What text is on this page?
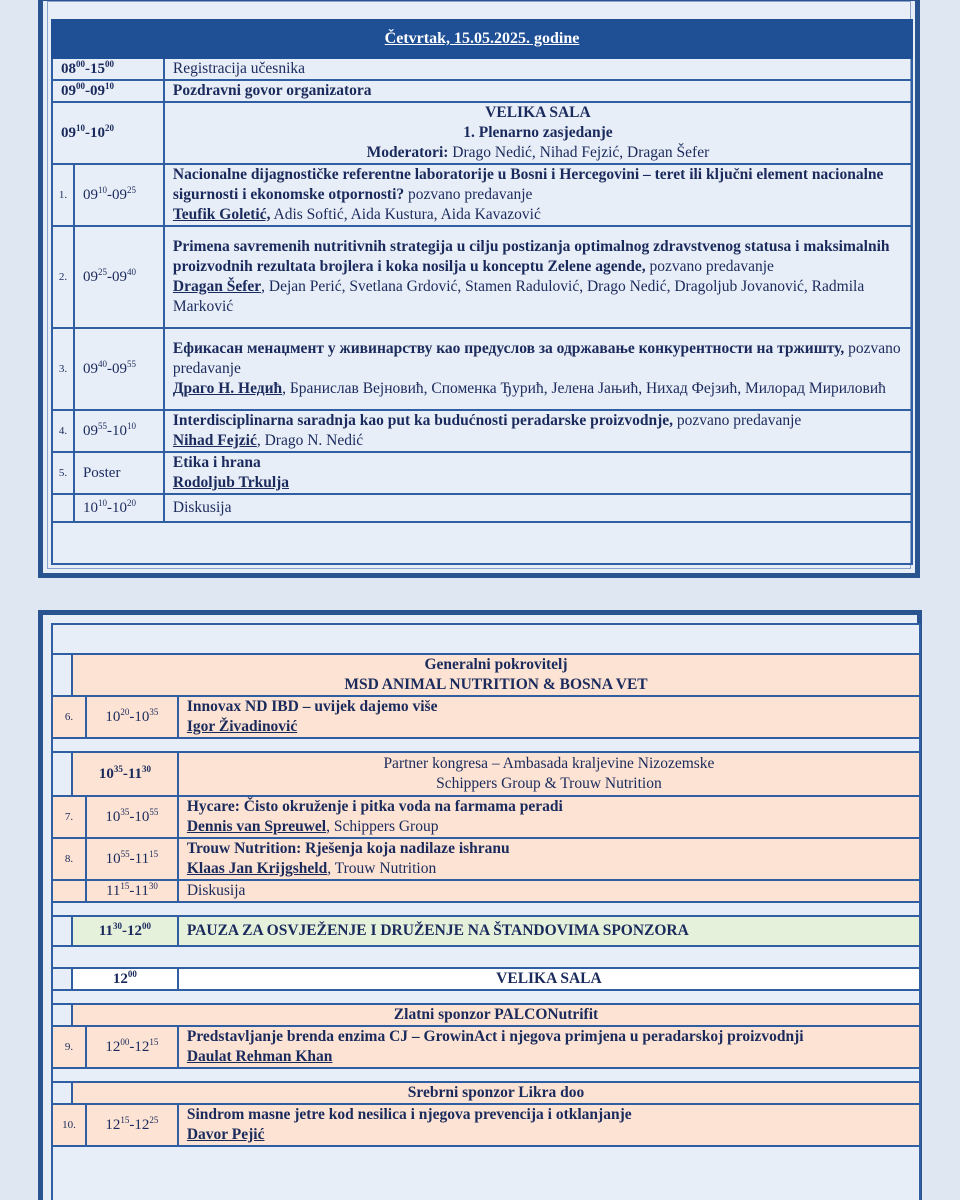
Četvrtak, 15.05.2025. godine		
$08^{00}-15^{00}$		Registracija učesnika
$09^{00}-09^{10}$		Pozdravni govor organizatora
$09^{10}-10^{20}$		VELIKA SALA
1. Plenarno zasjedanje
Moderatori: Drago Nedić, Nihad Fejzić, Dragan Šefer

1.	$09^{10}-09^{25}$	Nacionalne dijagnostičke referentne laboratorije u Bosni i Hercegovini – teret ili ključni element nacionalne sigurnosti i ekonomske otpornosti? pozvano predavanje
Teufik Goletić, Adis Softić, Aida Kustura, Aida Kavazović
2.	$09^{25}-09^{40}$	Primena savremenih nutritivnih strategija u cilju postizanja optimalnog zdravstvenog statusa i maksimalnih proizvodnih rezultata brojlera i koka nosilja u konceptu Zelene agende, pozvano predavanje
Dragan Šefer, Dejan Perić, Svetlana Grdović, Stamen Radulović, Drago Nedić, Dragoljub Jovanović, Radmila Marković
3.	$09^{40}-09^{55}$	Ефикасан менаџмент у живинарству као предуслов за одржавање конкурентности на тржишту, pozvano predavanje
Драго Н. Недић, Бранислав Вејновић, Споменка Ђурић, Јелена Јањић, Нихад Фејзић, Милорад Мириловић
4.	$09^{55}-10^{10}$	Interdisciplinarna saradnja kao put ka budućnosti peradarske proizvodnje, pozvano predavanje
Nihad Fejzić, Drago N. Nedić
5.	Poster	Etika i hrana
Rodoljub Trkulja
	$10^{10}-10^{20}$	Diskusija

	Generalni pokrovitelj
MSD ANIMAL NUTRITION & BOSNA VET		

6.		$10^{20}-10^{35}$	Innovax ND IBD – uvijek dajemo više
Igor Živadinović

	$10^{35}-11^{30}$		Partner kongresa – Ambasada kraljevine Nizozemske
Schippers Group & Trouw Nutrition

7.		$10^{35}-10^{55}$	Hycare: Čisto okruženje i pitka voda na farmama peradi
Dennis van Spreuwel, Schippers Group
8.		$10^{55}-11^{15}$	Trouw Nutrition: Rješenja koja nadilaze ishranu
Klaas Jan Krijgsheld, Trouw Nutrition
		$11^{15}-11^{30}$	Diskusija

	$11^{30}-12^{00}$		PAUZA ZA OSVJEŽENJE I DRUŽENJE NA ŠTANDOVIMA SPONZORA

	$12^{00}$		VELIKA SALA

	Zlatni sponzor PALCONutrifit		
9.		$12^{00}-12^{15}$	Predstavljanje brenda enzima CJ – GrowinAct i njegova primjena u peradarskoj proizvodnji
Daulat Rehman Khan

	Srebrni sponzor Likra doo		
10.		$12^{15}-12^{25}$	Sindrom masne jetre kod nesilica i njegova prevencija i otklanjanje
Davor Pejić
